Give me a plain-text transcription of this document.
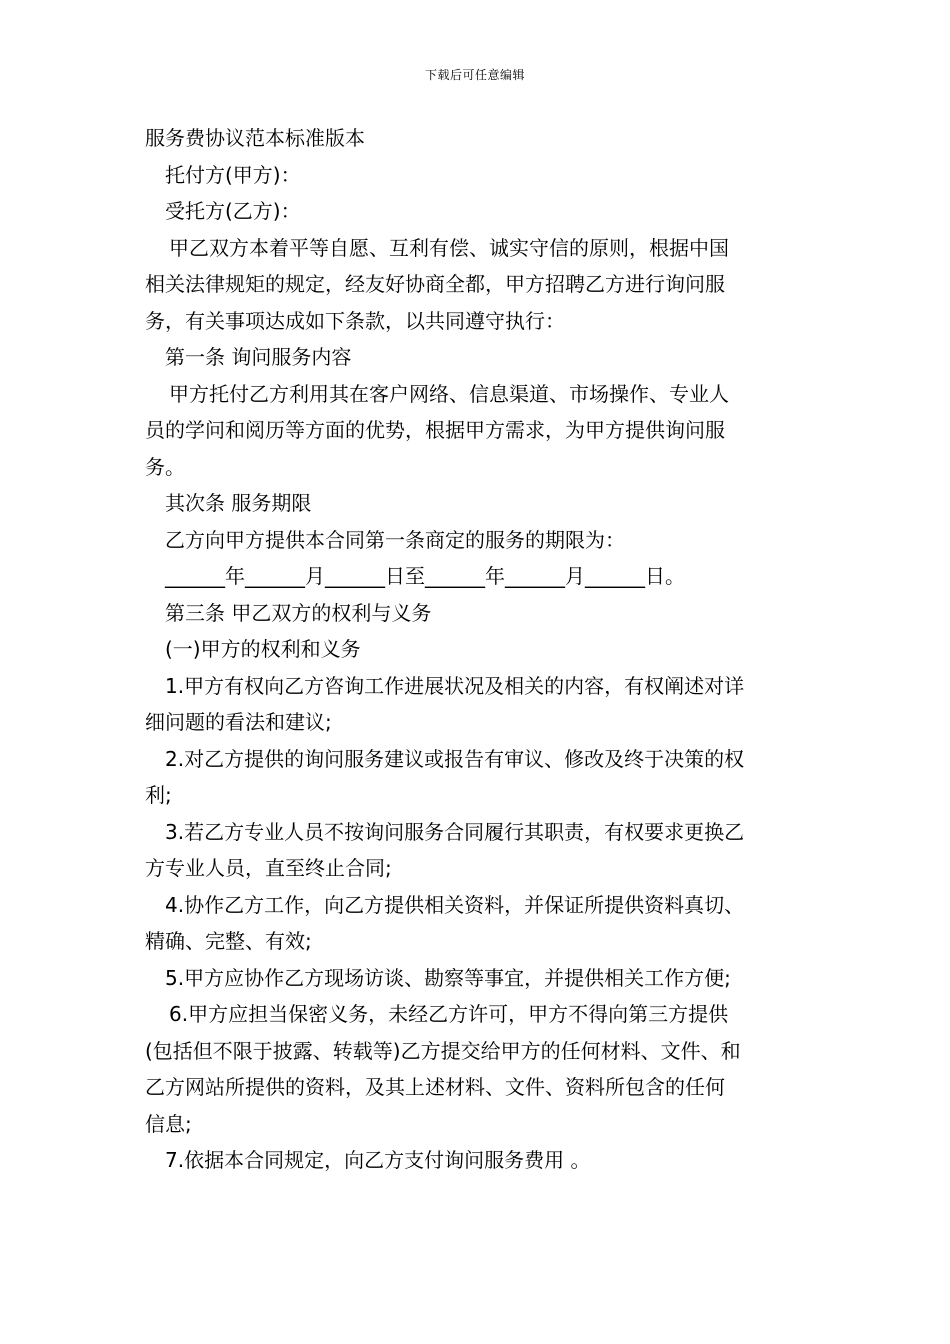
下载后可任意编辑

服务费协议范本标准版本

托付方(甲方)：

受托方(乙方)：

甲乙双方本着平等自愿、互利有偿、诚实守信的原则，根据中国

相关法律规矩的规定，经友好协商全都，甲方招聘乙方进行询问服

务，有关事项达成如下条款，以共同遵守执行：

第一条 询问服务内容

甲方托付乙方利用其在客户网络、信息渠道、市场操作、专业人

员的学问和阅历等方面的优势，根据甲方需求，为甲方提供询问服

务。

其次条 服务期限

乙方向甲方提供本合同第一条商定的服务的期限为：

______年______月______日至______年______月______日。

第三条 甲乙双方的权利与义务

(一)甲方的权利和义务

1.甲方有权向乙方咨询工作进展状况及相关的内容，有权阐述对详

细问题的看法和建议;

2.对乙方提供的询问服务建议或报告有审议、修改及终于决策的权

利;

3.若乙方专业人员不按询问服务合同履行其职责，有权要求更换乙

方专业人员，直至终止合同;

4.协作乙方工作，向乙方提供相关资料，并保证所提供资料真切、

精确、完整、有效;

5.甲方应协作乙方现场访谈、勘察等事宜，并提供相关工作方便;

6.甲方应担当保密义务，未经乙方许可，甲方不得向第三方提供

(包括但不限于披露、转载等)乙方提交给甲方的任何材料、文件、和

乙方网站所提供的资料，及其上述材料、文件、资料所包含的任何

信息;

7.依据本合同规定，向乙方支付询问服务费用 。
